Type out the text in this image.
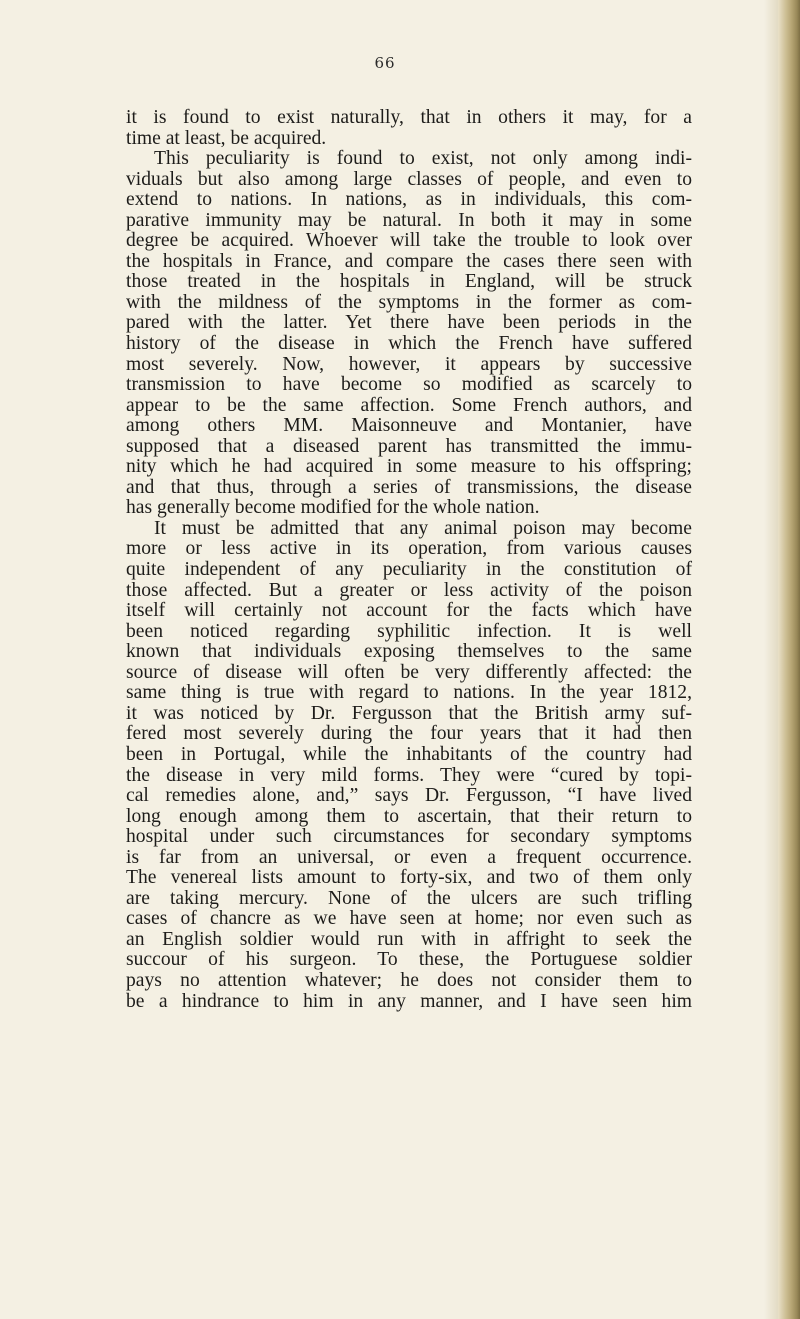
66
it is found to exist naturally, that in others it may, for a
time at least, be acquired.
This peculiarity is found to exist, not only among indi-
viduals but also among large classes of people, and even to
extend to nations. In nations, as in individuals, this com-
parative immunity may be natural. In both it may in some
degree be acquired. Whoever will take the trouble to look over
the hospitals in France, and compare the cases there seen with
those treated in the hospitals in England, will be struck
with the mildness of the symptoms in the former as com-
pared with the latter. Yet there have been periods in the
history of the disease in which the French have suffered
most severely. Now, however, it appears by successive
transmission to have become so modified as scarcely to
appear to be the same affection. Some French authors, and
among others MM. Maisonneuve and Montanier, have
supposed that a diseased parent has transmitted the immu-
nity which he had acquired in some measure to his offspring;
and that thus, through a series of transmissions, the disease
has generally become modified for the whole nation.
It must be admitted that any animal poison may become
more or less active in its operation, from various causes
quite independent of any peculiarity in the constitution of
those affected. But a greater or less activity of the poison
itself will certainly not account for the facts which have
been noticed regarding syphilitic infection. It is well
known that individuals exposing themselves to the same
source of disease will often be very differently affected: the
same thing is true with regard to nations. In the year 1812,
it was noticed by Dr. Fergusson that the British army suf-
fered most severely during the four years that it had then
been in Portugal, while the inhabitants of the country had
the disease in very mild forms. They were “cured by topi-
cal remedies alone, and,” says Dr. Fergusson, “I have lived
long enough among them to ascertain, that their return to
hospital under such circumstances for secondary symptoms
is far from an universal, or even a frequent occurrence.
The venereal lists amount to forty-six, and two of them only
are taking mercury. None of the ulcers are such trifling
cases of chancre as we have seen at home; nor even such as
an English soldier would run with in affright to seek the
succour of his surgeon. To these, the Portuguese soldier
pays no attention whatever; he does not consider them to
be a hindrance to him in any manner, and I have seen him
